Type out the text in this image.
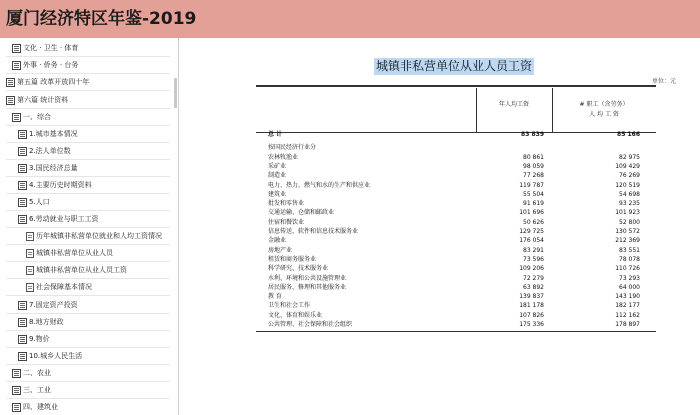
厦门经济特区年鉴-2019
文化 · 卫生 · 体育
外事 · 侨务 · 台务
第五篇 改革开放四十年
第六篇 统计资料
一、综合
1.城市基本情况
2.法人单位数
3.国民经济总量
4.主要历史时期资料
5.人口
6.劳动就业与职工工资
历年城镇非私营单位就业和人均工资情况
城镇非私营单位从业人员
城镇非私营单位从业人员工资
社会保障基本情况
7.固定资产投资
8.地方财政
9.物价
10.城乡人民生活
二、农业
三、工业
四、建筑业
城镇非私营单位从业人员工资
单位：元
年人均工资	# 职工（含劳务）
人 均 工 资
总 计	83 839	85 166
按国民经济行业分
农林牧渔业	80 861	82 975
采矿业	98 059	109 429
制造业	77 268	76 269
电力、热力、燃气和水的生产和供应业	119 787	120 519
建筑业	55 504	54 698
批发和零售业	91 619	93 235
交通运输、仓储和邮政业	101 696	101 923
住宿和餐饮业	50 626	52 800
信息传送、软件和信息技术服务业	129 725	130 572
金融业	176 054	212 369
房地产业	83 291	83 551
租赁和商务服务业	73 596	78 078
科学研究、技术服务业	109 206	110 726
水利、环境和公共设施管理业	72 279	73 293
居民服务、修理和其他服务业	63 892	64 000
教 育	139 837	143 190
卫生和社会工作	181 178	182 177
文化、体育和娱乐业	107 826	112 162
公共管理、社会保障和社会组织	175 336	178 897
